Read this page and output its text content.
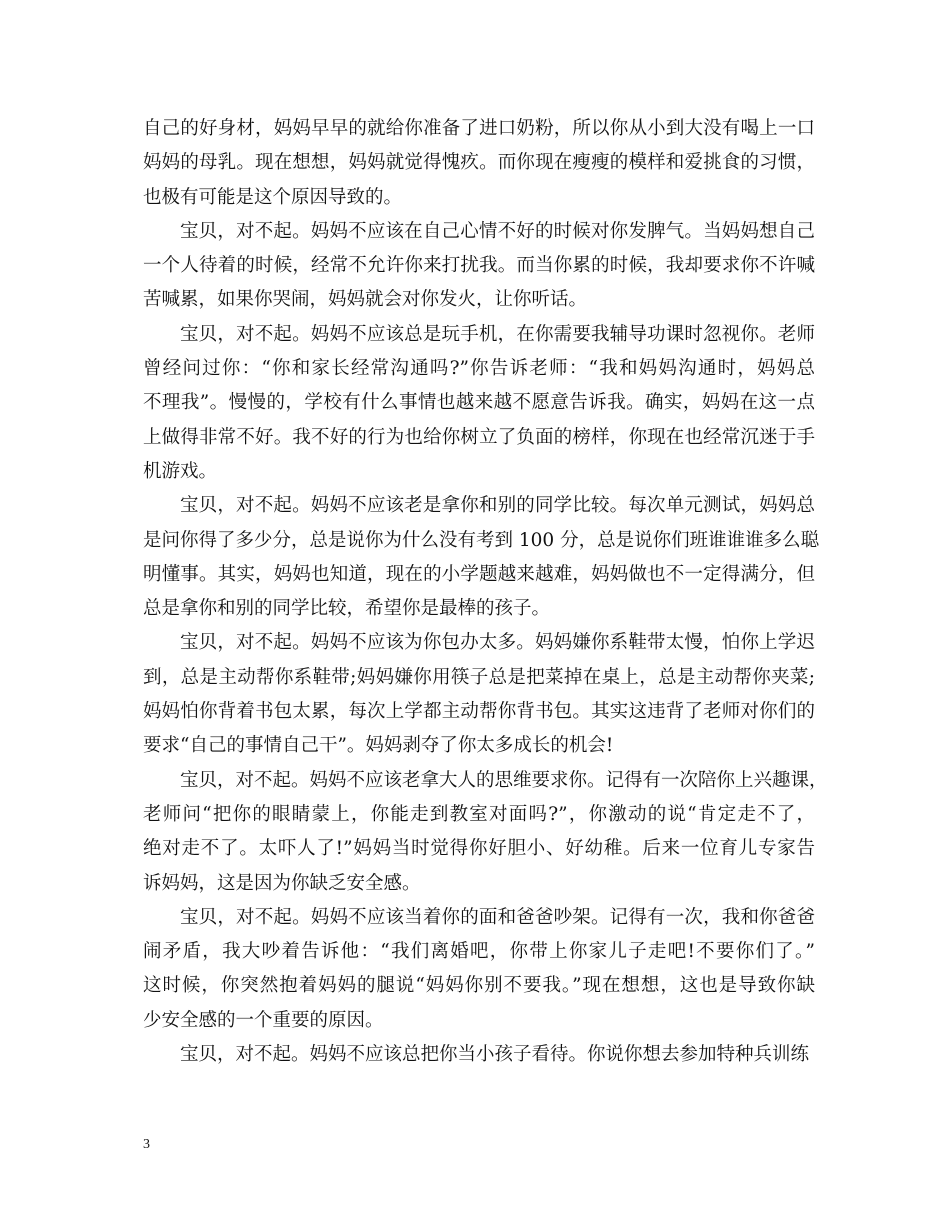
自己的好身材，妈妈早早的就给你准备了进口奶粉，所以你从小到大没有喝上一口
妈妈的母乳。现在想想，妈妈就觉得愧疚。而你现在瘦瘦的模样和爱挑食的习惯，
也极有可能是这个原因导致的。
宝贝，对不起。妈妈不应该在自己心情不好的时候对你发脾气。当妈妈想自己
一个人待着的时候，经常不允许你来打扰我。而当你累的时候，我却要求你不许喊
苦喊累，如果你哭闹，妈妈就会对你发火，让你听话。
宝贝，对不起。妈妈不应该总是玩手机，在你需要我辅导功课时忽视你。老师
曾经问过你：“你和家长经常沟通吗?”你告诉老师：“我和妈妈沟通时，妈妈总
不理我”。慢慢的，学校有什么事情也越来越不愿意告诉我。确实，妈妈在这一点
上做得非常不好。我不好的行为也给你树立了负面的榜样，你现在也经常沉迷于手
机游戏。
宝贝，对不起。妈妈不应该老是拿你和别的同学比较。每次单元测试，妈妈总
是问你得了多少分，总是说你为什么没有考到 100 分，总是说你们班谁谁谁多么聪
明懂事。其实，妈妈也知道，现在的小学题越来越难，妈妈做也不一定得满分，但
总是拿你和别的同学比较，希望你是最棒的孩子。
宝贝，对不起。妈妈不应该为你包办太多。妈妈嫌你系鞋带太慢，怕你上学迟
到，总是主动帮你系鞋带;妈妈嫌你用筷子总是把菜掉在桌上，总是主动帮你夹菜;
妈妈怕你背着书包太累，每次上学都主动帮你背书包。其实这违背了老师对你们的
要求“自己的事情自己干”。妈妈剥夺了你太多成长的机会!
宝贝，对不起。妈妈不应该老拿大人的思维要求你。记得有一次陪你上兴趣课，
老师问“把你的眼睛蒙上，你能走到教室对面吗?”，你激动的说“肯定走不了，
绝对走不了。太吓人了!”妈妈当时觉得你好胆小、好幼稚。后来一位育儿专家告
诉妈妈，这是因为你缺乏安全感。
宝贝，对不起。妈妈不应该当着你的面和爸爸吵架。记得有一次，我和你爸爸
闹矛盾，我大吵着告诉他：“我们离婚吧，你带上你家儿子走吧!不要你们了。”
这时候，你突然抱着妈妈的腿说“妈妈你别不要我。”现在想想，这也是导致你缺
少安全感的一个重要的原因。
宝贝，对不起。妈妈不应该总把你当小孩子看待。你说你想去参加特种兵训练
3
